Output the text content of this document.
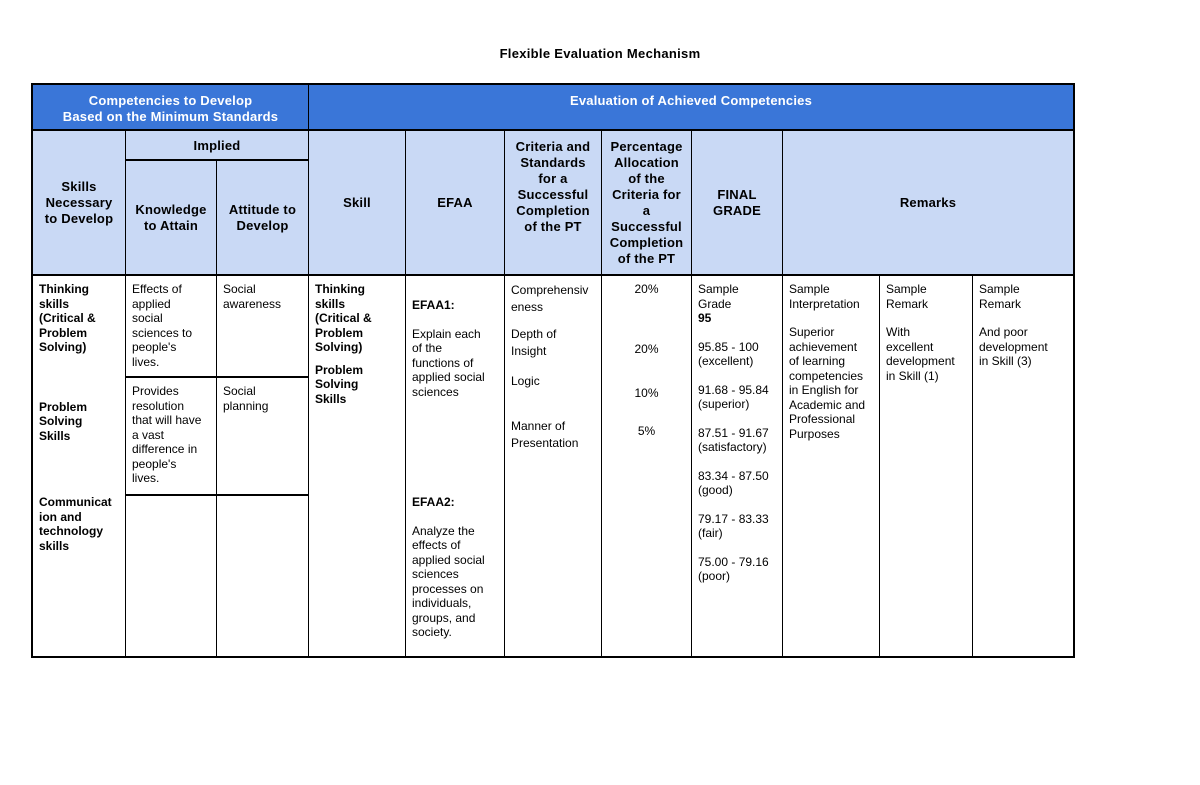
Flexible Evaluation Mechanism
Competencies to Develop
Based on the Minimum Standards
Evaluation of Achieved Competencies
Skills
Necessary
to Develop
Implied
Knowledge
to Attain
Attitude to
Develop
Skill	EFAA
Criteria and
Standards
for a
Successful
Completion
of the PT
Percentage
Allocation
of the
Criteria for
a
Successful
Completion
of the PT
FINAL
GRADE
Remarks
Thinking
skills
(Critical &
Problem
Solving)
Problem
Solving
Skills
Communicat
ion and
technology
skills
Effects of
applied
social
sciences to
people's
lives.
Provides
resolution
that will have
a vast
difference in
people's
lives.
Social
awareness
Social
planning
Thinking
skills
(Critical &
Problem
Solving)
Problem
Solving
Skills
EFAA1:
Explain each
of the
functions of
applied social
sciences
EFAA2:
Analyze the
effects of
applied social
sciences
processes on
individuals,
groups, and
society.
Comprehensiv
eness
Depth of
Insight
Logic
Manner of
Presentation
20%
20%
10%
5%
Sample
Grade
95
95.85 - 100
(excellent)
91.68 - 95.84
(superior)
87.51 - 91.67
(satisfactory)
83.34 - 87.50
(good)
79.17 - 83.33
(fair)
75.00 - 79.16
(poor)
Sample
Interpretation
Superior
achievement
of learning
competencies
in English for
Academic and
Professional
Purposes
Sample
Remark
With
excellent
development
in Skill (1)
Sample
Remark
And poor
development
in Skill (3)
